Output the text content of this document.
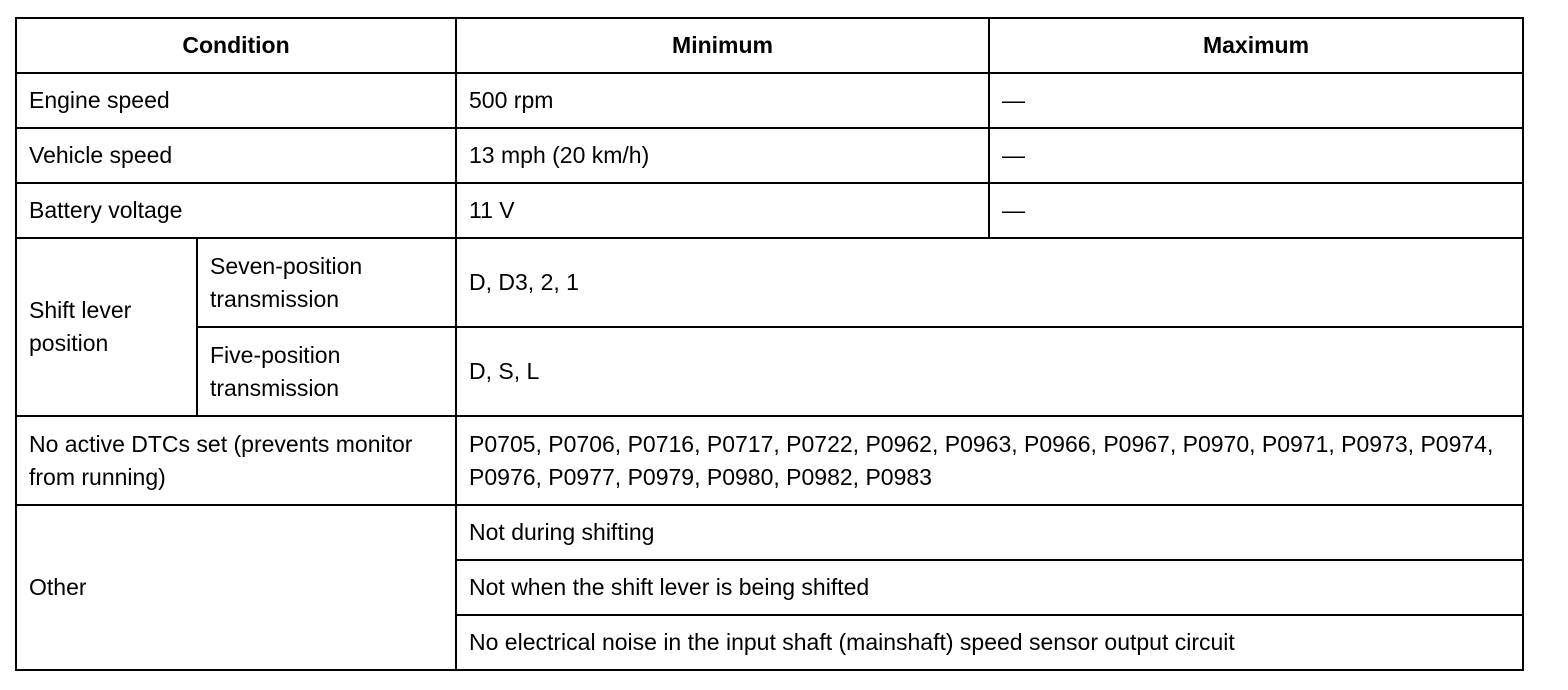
Condition		Minimum	Maximum
Engine speed		500 rpm	—
Vehicle speed		13 mph (20 km/h)	—
Battery voltage		11 V	—
Shift lever position	Seven-position transmission	D, D3, 2, 1	
	Five-position transmission	D, S, L	
No active DTCs set (prevents monitor from running)		P0705, P0706, P0716, P0717, P0722, P0962, P0963, P0966, P0967, P0970, P0971, P0973, P0974, P0976, P0977, P0979, P0980, P0982, P0983	
Other		Not during shifting	
		Not when the shift lever is being shifted	
		No electrical noise in the input shaft (mainshaft) speed sensor output circuit	
